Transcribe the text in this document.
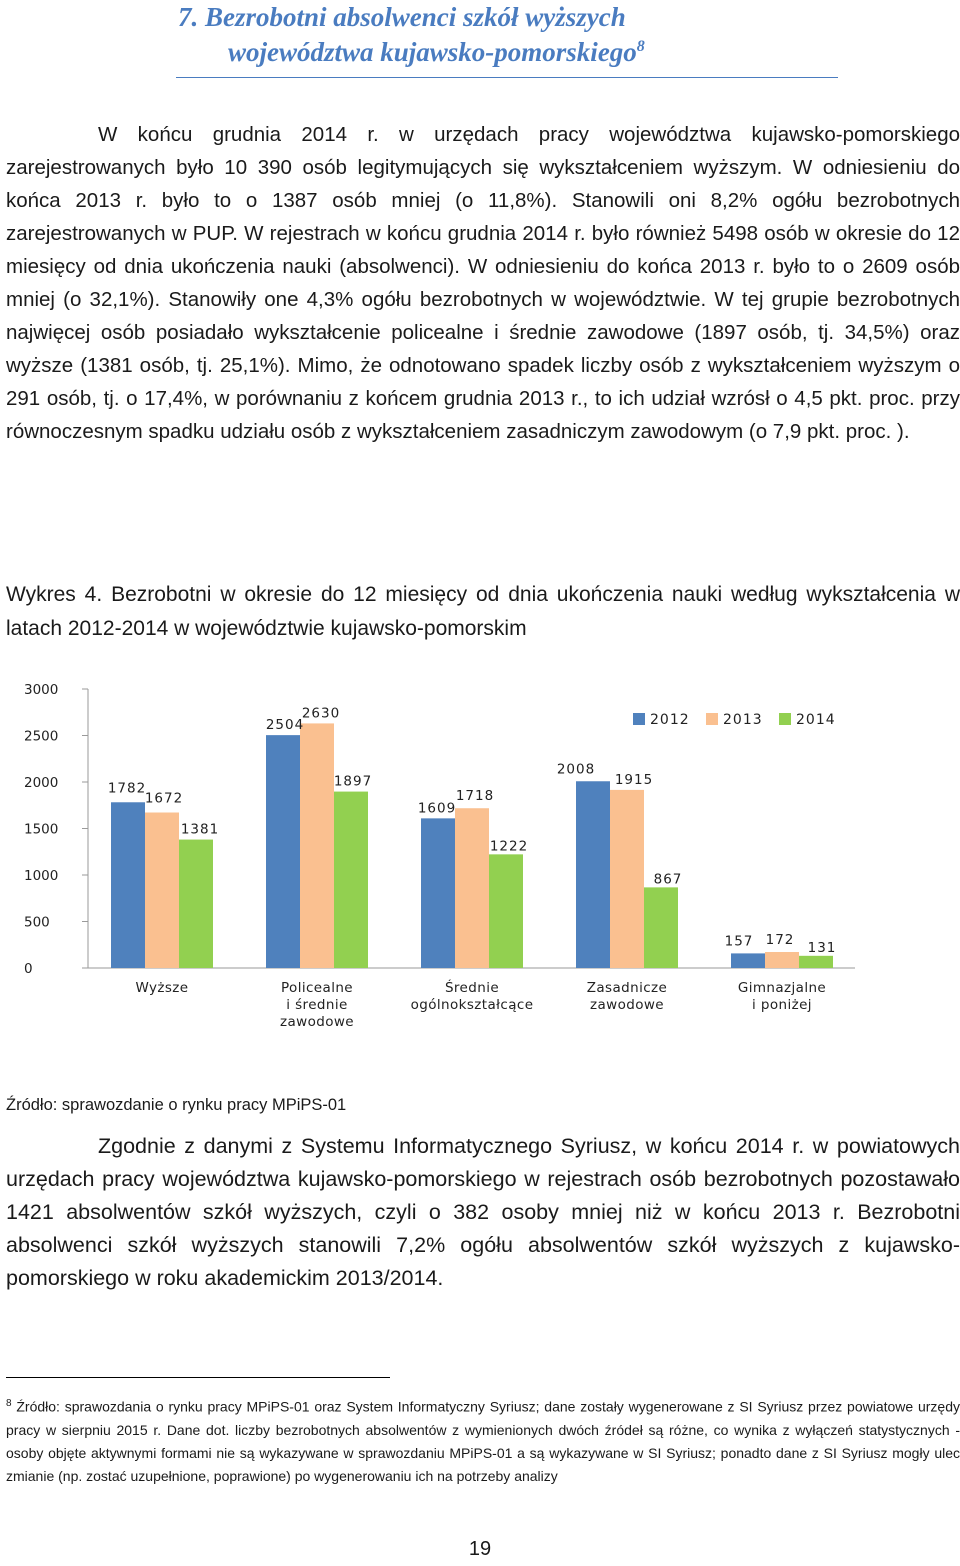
7. Bezrobotni absolwenci szkół wyższych
województwa kujawsko-pomorskiego$^8$
W końcu grudnia 2014 r. w urzędach pracy województwa kujawsko-pomorskiego zarejestrowanych było 10 390 osób legitymujących się wykształceniem wyższym. W odniesieniu do końca 2013 r. było to o 1387 osób mniej (o 11,8%). Stanowili oni 8,2% ogółu bezrobotnych zarejestrowanych w PUP. W rejestrach w końcu grudnia 2014 r. było również 5498 osób w okresie do 12 miesięcy od dnia ukończenia nauki (absolwenci). W odniesieniu do końca 2013 r. było to o 2609 osób mniej (o 32,1%). Stanowiły one 4,3% ogółu bezrobotnych w województwie. W tej grupie bezrobotnych najwięcej osób posiadało wykształcenie policealne i średnie zawodowe (1897 osób, tj. 34,5%) oraz wyższe (1381 osób, tj. 25,1%). Mimo, że odnotowano spadek liczby osób z wykształceniem wyższym o 291 osób, tj. o 17,4%, w porównaniu z końcem grudnia 2013 r., to ich udział wzrósł o 4,5 pkt. proc. przy równoczesnym spadku udziału osób z wykształceniem zasadniczym zawodowym (o 7,9 pkt. proc. ).
Wykres 4. Bezrobotni w okresie do 12 miesięcy od dnia ukończenia nauki według wykształcenia w latach 2012-2014 w województwie kujawsko-pomorskim
0
500
1000
1500
2000
2500
3000
1782
1672
1381
2504
2630
1897
1609
1718
1222
2008
1915
867
157 172 131
Wyższe	Policealne
i średnie
zawodowe
Średnie
ogólnokształcące
Zasadnicze
zawodowe
Gimnazjalne
i poniżej
2012 2013 2014
Źródło: sprawozdanie o rynku pracy MPiPS-01
Zgodnie z danymi z Systemu Informatycznego Syriusz, w końcu 2014 r. w powiatowych urzędach pracy województwa kujawsko-pomorskiego w rejestrach osób bezrobotnych pozostawało 1421 absolwentów szkół wyższych, czyli o 382 osoby mniej niż w końcu 2013 r. Bezrobotni absolwenci szkół wyższych stanowili 7,2% ogółu absolwentów szkół wyższych z kujawsko-pomorskiego w roku akademickim 2013/2014.
$^8$ Źródło: sprawozdania o rynku pracy MPiPS-01 oraz System Informatyczny Syriusz; dane zostały wygenerowane z SI Syriusz przez powiatowe urzędy pracy w sierpniu 2015 r. Dane dot. liczby bezrobotnych absolwentów z wymienionych dwóch źródeł są różne, co wynika z wyłączeń statystycznych - osoby objęte aktywnymi formami nie są wykazywane w sprawozdaniu MPiPS-01 a są wykazywane w SI Syriusz; ponadto dane z SI Syriusz mogły ulec zmianie (np. zostać uzupełnione, poprawione) po wygenerowaniu ich na potrzeby analizy
19
